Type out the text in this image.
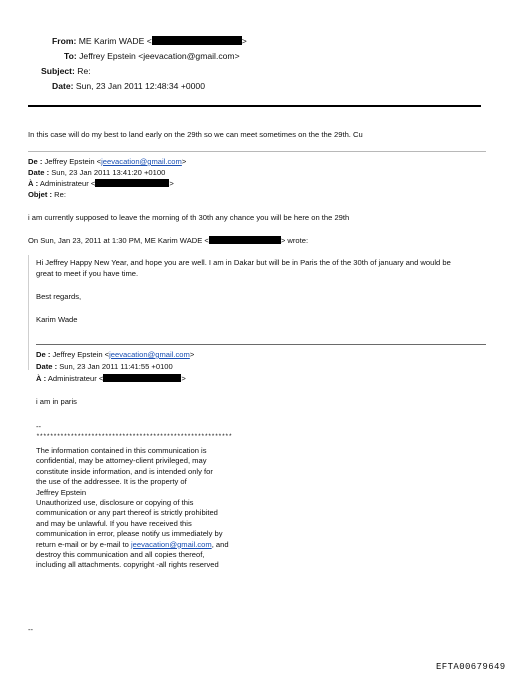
From: ME Karim WADE <	>
To: Jeffrey Epstein <jeevacation@gmail.com>
Subject: Re:
Date: Sun, 23 Jan 2011 12:48:34 +0000
In this case will do my best to land early on the 29th so we can meet sometimes on the the 29th. Cu
De : Jeffrey Epstein <jeevacation@gmail.com>
Date : Sun, 23 Jan 2011 13:41:20 +0100
À : Administrateur <	>
Objet : Re:
i am currently supposed to leave the morning of th 30th any chance you will be here on the 29th
On Sun, Jan 23, 2011 at 1:30 PM, ME Karim WADE <	> wrote:
Hi Jeffrey Happy New Year, and hope you are well. I am in Dakar but will be in Paris the of the 30th of january and would be
great to meet if you have time.
Best regards,
Karim Wade
De : Jeffrey Epstein <jeevacation@gmail.com>
Date : Sun, 23 Jan 2011 11:41:55 +0100
À : Administrateur <	>
i am in paris
--
*********************************************************
The information contained in this communication is
confidential, may be attorney-client privileged, may
constitute inside information, and is intended only for
the use of the addressee. It is the property of
Jeffrey Epstein
Unauthorized use, disclosure or copying of this
communication or any part thereof is strictly prohibited
and may be unlawful. If you have received this
communication in error, please notify us immediately by
return e-mail or by e-mail to jeevacation@gmail.com, and
destroy this communication and all copies thereof,
including all attachments. copyright -all rights reserved
--
EFTA00679649
